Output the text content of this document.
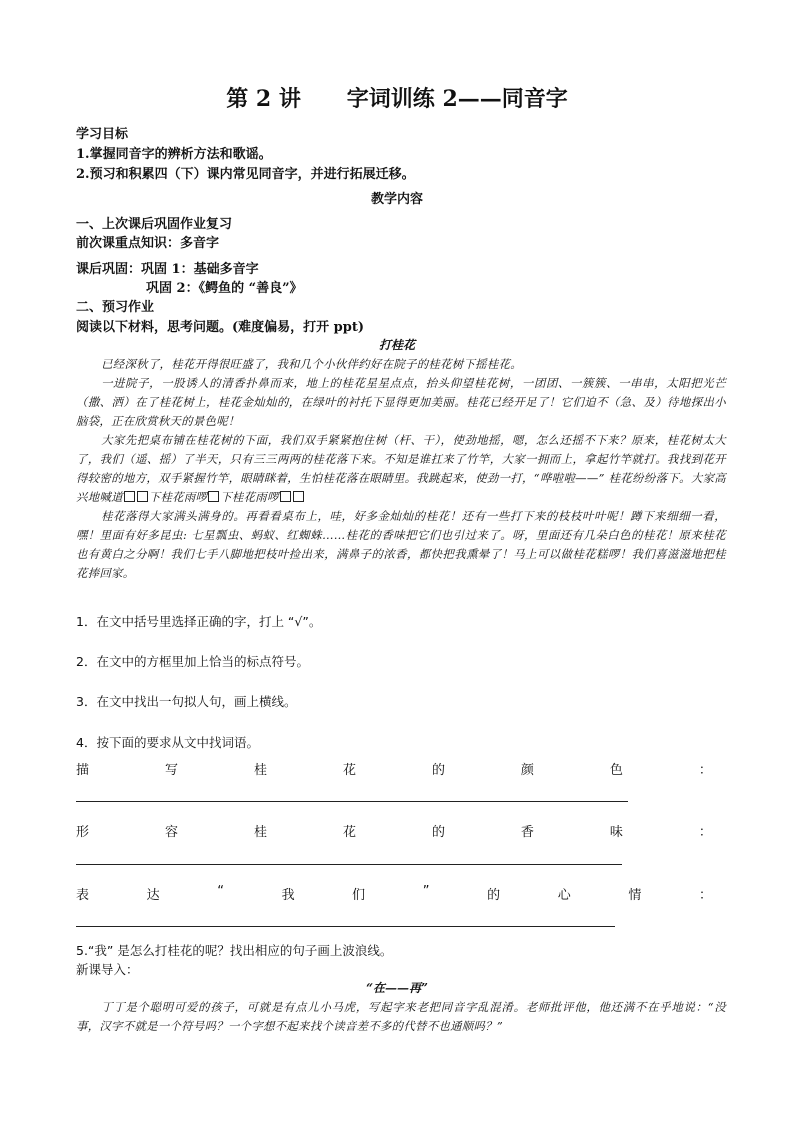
第 2 讲      字词训练 2——同音字
学习目标
1.掌握同音字的辨析方法和歌谣。
2.预习和积累四（下）课内常见同音字，并进行拓展迁移。
教学内容
一、上次课后巩固作业复习
前次课重点知识：多音字
课后巩固：巩固 1：基础多音字
巩固 2：《鳄鱼的 “善良”》
二、预习作业
阅读以下材料，思考问题。(难度偏易，打开 ppt)
打桂花

已经深秋了，桂花开得很旺盛了，我和几个小伙伴约好在院子的桂花树下摇桂花。

一进院子，一股诱人的清香扑鼻而来，地上的桂花星星点点，抬头仰望桂花树，一团团、一簇簇、一串串，太阳把光芒（撒、洒）在了桂花树上，桂花金灿灿的，在绿叶的衬托下显得更加美丽。桂花已经开足了！它们迫不（急、及）待地探出小脑袋，正在欣赏秋天的景色呢！

大家先把桌布铺在桂花树的下面，我们双手紧紧抱住树（杆、干），使劲地摇，嗯，怎么还摇不下来？原来，桂花树太大了，我们（遥、摇）了半天，只有三三两两的桂花落下来。不知是谁扛来了竹竿，大家一拥而上，拿起竹竿就打。我找到花开得较密的地方，双手紧握竹竿，眼睛眯着，生怕桂花落在眼睛里。我跳起来，使劲一打，“哗啦啦——” 桂花纷纷落下。大家高兴地喊道 下桂花雨啰 下桂花雨啰

桂花落得大家满头满身的。再看看桌布上，哇，好多金灿灿的桂花！还有一些打下来的枝枝叶叶呢！蹲下来细细一看，嘿！里面有好多昆虫: 七星瓢虫、蚂蚁、红蜘蛛……桂花的香味把它们也引过来了。呀，里面还有几朵白色的桂花！原来桂花也有黄白之分啊！我们七手八脚地把枝叶捡出来，满鼻子的浓香，都快把我熏晕了！马上可以做桂花糕啰！我们喜滋滋地把桂花捧回家。

1．在文中括号里选择正确的字，打上 “√”。
2．在文中的方框里加上恰当的标点符号。
3．在文中找出一句拟人句，画上横线。
4．按下面的要求从文中找词语。
描	写	桂	花	的	颜	色	：
形	容	桂	花	的	香	味	：
表	达	“	我	们	”	的	心	情	：
5.“我” 是怎么打桂花的呢？找出相应的句子画上波浪线。
新课导入：
“在——再”

丁丁是个聪明可爱的孩子，可就是有点儿小马虎，写起字来老把同音字乱混淆。老师批评他，他还满不在乎地说：“没事，汉字不就是一个符号吗？一个字想不起来找个读音差不多的代替不也通顺吗？”
